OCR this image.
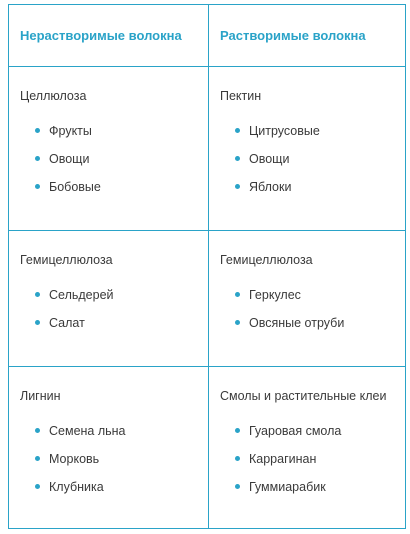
Нерастворимые волокна	Растворимые волокна
Целлюлоза
Фрукты
Овощи
Бобовые
Пектин
Цитрусовые
Овощи
Яблоки
Гемицеллюлоза
Сельдерей
Салат
Гемицеллюлоза
Геркулес
Овсяные отруби
Лигнин
Семена льна
Морковь
Клубника
Смолы и растительные клеи
Гуаровая смола
Каррагинан
Гуммиарабик
